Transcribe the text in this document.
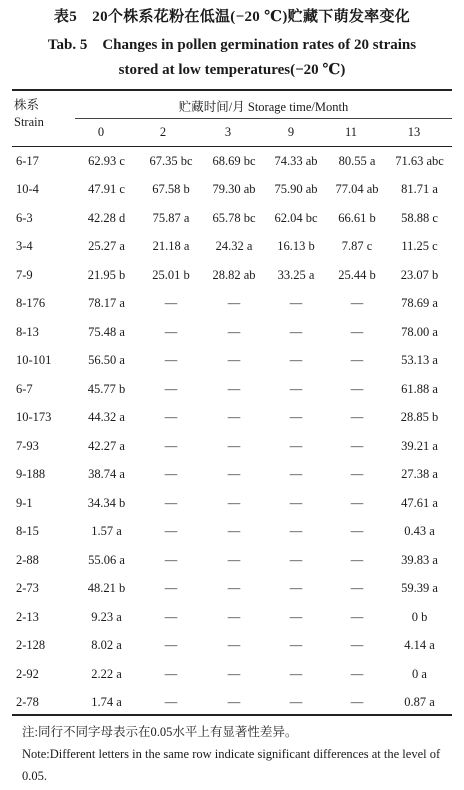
表5　20个株系花粉在低温(−20 ℃)贮藏下萌发率变化
Tab. 5　Changes in pollen germination rates of 20 strains
stored at low temperatures(−20 ℃)
株系
Strain
贮藏时间/月 Storage time/Month
0	2	3	9	11	13
6-17	62.93 c	67.35 bc	68.69 bc	74.33 ab	80.55 a	71.63 abc
10-4	47.91 c	67.58 b	79.30 ab	75.90 ab	77.04 ab	81.71 a
6-3	42.28 d	75.87 a	65.78 bc	62.04 bc	66.61 b	58.88 c
3-4	25.27 a	21.18 a	24.32 a	16.13 b	7.87 c	11.25 c
7-9	21.95 b	25.01 b	28.82 ab	33.25 a	25.44 b	23.07 b
8-176	78.17 a	—	—	—	—	78.69 a
8-13	75.48 a	—	—	—	—	78.00 a
10-101	56.50 a	—	—	—	—	53.13 a
6-7	45.77 b	—	—	—	—	61.88 a
10-173	44.32 a	—	—	—	—	28.85 b
7-93	42.27 a	—	—	—	—	39.21 a
9-188	38.74 a	—	—	—	—	27.38 a
9-1	34.34 b	—	—	—	—	47.61 a
8-15	1.57 a	—	—	—	—	0.43 a
2-88	55.06 a	—	—	—	—	39.83 a
2-73	48.21 b	—	—	—	—	59.39 a
2-13	9.23 a	—	—	—	—	0 b
2-128	8.02 a	—	—	—	—	4.14 a
2-92	2.22 a	—	—	—	—	0 a
2-78	1.74 a	—	—	—	—	0.87 a
注:同行不同字母表示在0.05水平上有显著性差异。
Note:Different letters in the same row indicate significant differences at the level of 0.05.
